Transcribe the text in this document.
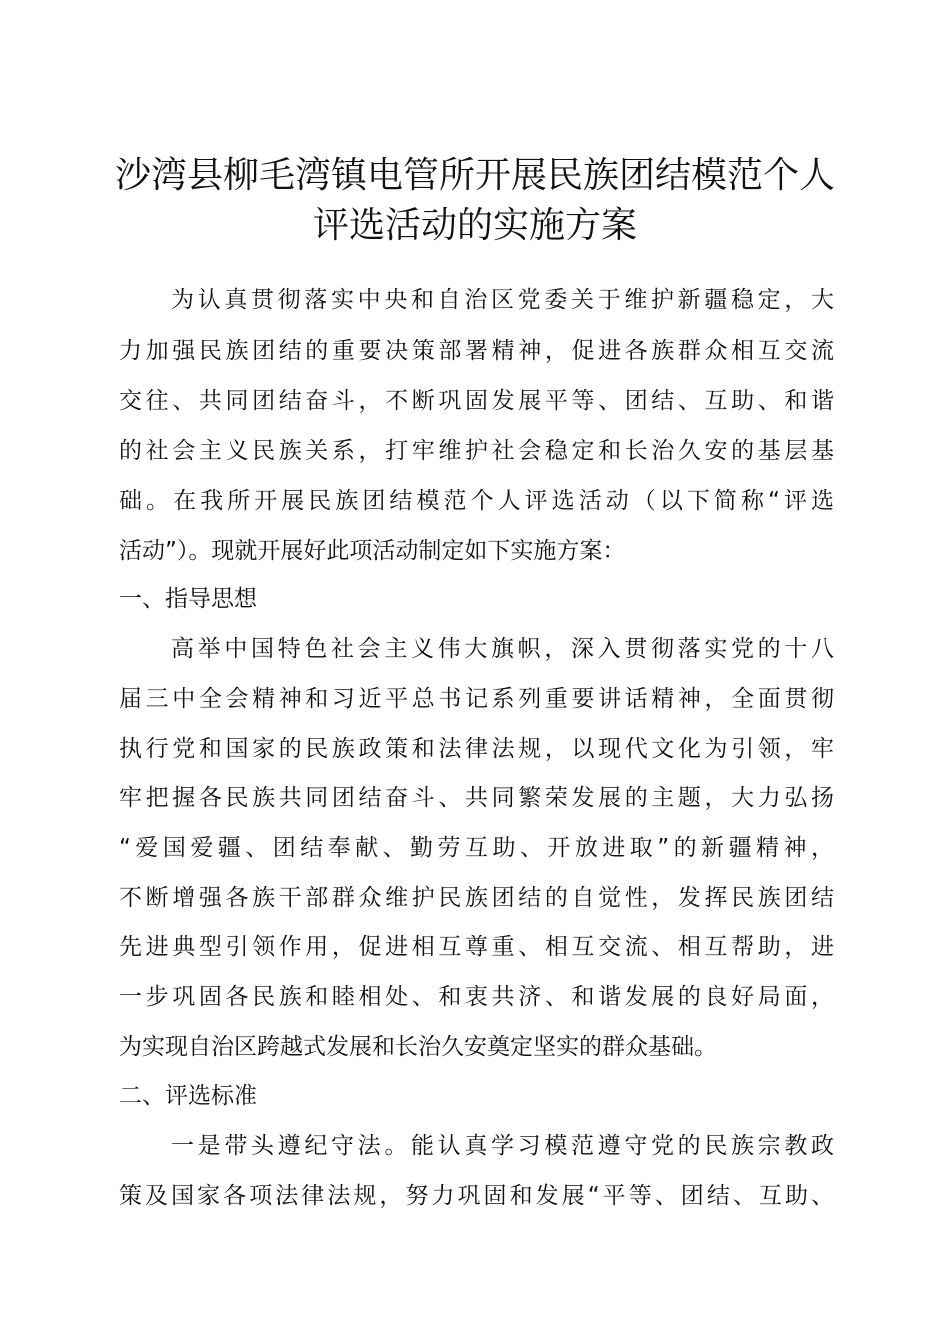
沙湾县柳毛湾镇电管所开展民族团结模范个人
评选活动的实施方案

为认真贯彻落实中央和自治区党委关于维护新疆稳定，大

力加强民族团结的重要决策部署精神，促进各族群众相互交流

交往、共同团结奋斗，不断巩固发展平等、团结、互助、和谐

的社会主义民族关系，打牢维护社会稳定和长治久安的基层基

础。在我所开展民族团结模范个人评选活动（以下简称“评选

活动”）。现就开展好此项活动制定如下实施方案：

一、指导思想

高举中国特色社会主义伟大旗帜，深入贯彻落实党的十八

届三中全会精神和习近平总书记系列重要讲话精神，全面贯彻

执行党和国家的民族政策和法律法规，以现代文化为引领，牢

牢把握各民族共同团结奋斗、共同繁荣发展的主题，大力弘扬

“爱国爱疆、团结奉献、勤劳互助、开放进取”的新疆精神，

不断增强各族干部群众维护民族团结的自觉性，发挥民族团结

先进典型引领作用，促进相互尊重、相互交流、相互帮助，进

一步巩固各民族和睦相处、和衷共济、和谐发展的良好局面，

为实现自治区跨越式发展和长治久安奠定坚实的群众基础。

二、评选标准

一是带头遵纪守法。能认真学习模范遵守党的民族宗教政

策及国家各项法律法规，努力巩固和发展“平等、团结、互助、
